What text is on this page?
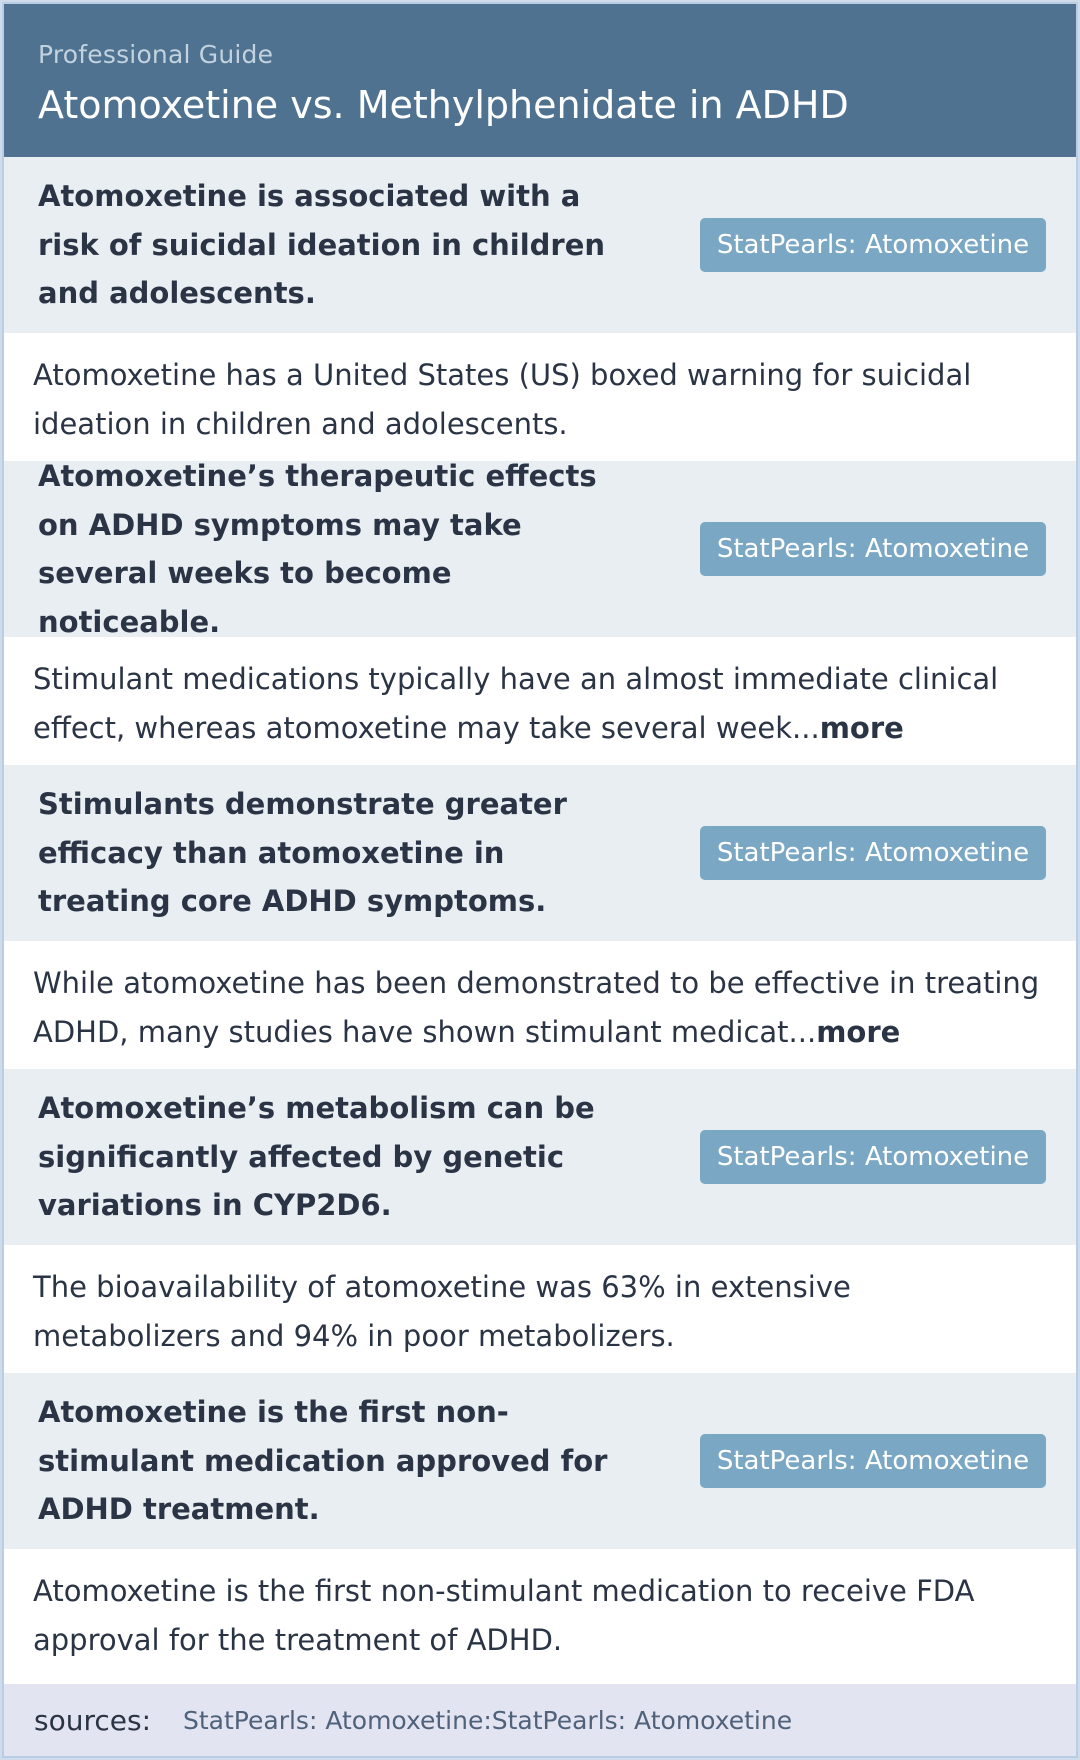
Professional Guide
Atomoxetine vs. Methylphenidate in ADHD
Atomoxetine is associated with a risk of suicidal ideation in children and adolescents.
StatPearls: Atomoxetine
Atomoxetine has a United States (US) boxed warning for suicidal ideation in children and adolescents.
Atomoxetine’s therapeutic effects on ADHD symptoms may take several weeks to become noticeable.
StatPearls: Atomoxetine
Stimulant medications typically have an almost immediate clinical effect, whereas atomoxetine may take several week...more
Stimulants demonstrate greater efficacy than atomoxetine in treating core ADHD symptoms.
StatPearls: Atomoxetine
While atomoxetine has been demonstrated to be effective in treating ADHD, many studies have shown stimulant medicat...more
Atomoxetine’s metabolism can be significantly affected by genetic variations in CYP2D6.
StatPearls: Atomoxetine
The bioavailability of atomoxetine was 63% in extensive metabolizers and 94% in poor metabolizers.
Atomoxetine is the first non-stimulant medication approved for ADHD treatment.
StatPearls: Atomoxetine
Atomoxetine is the first non-stimulant medication to receive FDA approval for the treatment of ADHD.
sources: StatPearls: Atomoxetine:StatPearls: Atomoxetine
